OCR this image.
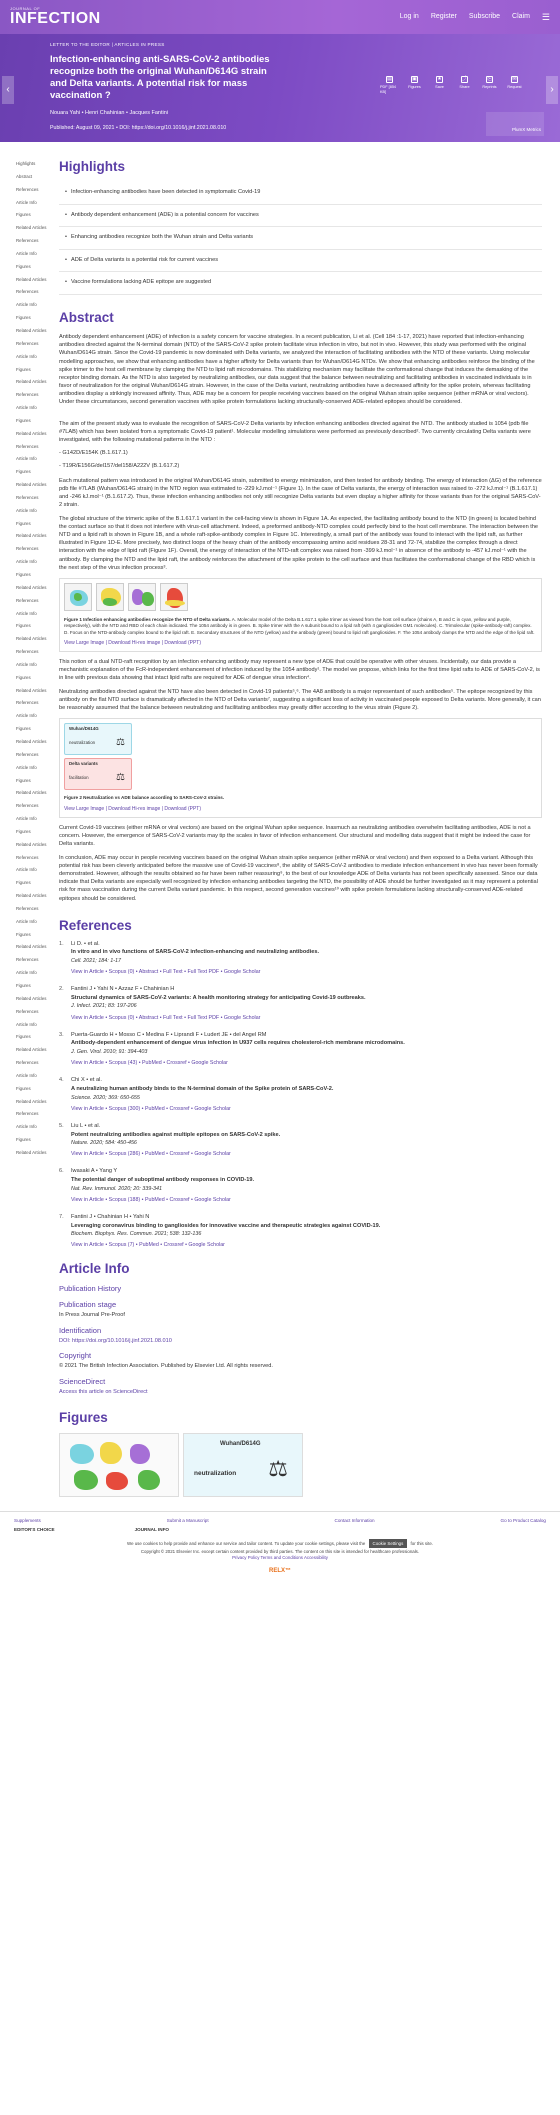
JOURNAL OF
INFECTION	Log in Register Subscribe Claim ☰
‹	›
LETTER TO THE EDITOR | ARTICLES IN PRESS
Infection-enhancing anti-SARS-CoV-2 antibodies recognize both the original Wuhan/D614G strain and Delta variants. A potential risk for mass vaccination ?
Nouara Yahi • Henri Chahinian • Jacques Fantini
Published: August 09, 2021 • DOI: https://doi.org/10.1016/j.jinf.2021.08.010
▤
PDF [854 KB]
▣
Figures
★
Save
⤴
Share
⎘
Reprints
✉
Request
PlumX Metrics
Highlights
Abstract
References
Article Info
Figures
Related Articles
References
Article Info
Figures
Related Articles
References
Article Info
Figures
Related Articles
References
Article Info
Figures
Related Articles
References
Article Info
Figures
Related Articles
References
Article Info
Figures
Related Articles
References
Article Info
Figures
Related Articles
References
Article Info
Figures
Related Articles
References
Article Info
Figures
Related Articles
References
Article Info
Figures
Related Articles
References
Article Info
Figures
Related Articles
References
Article Info
Figures
Related Articles
References
Article Info
Figures
Related Articles
References
Article Info
Figures
Related Articles
References
Article Info
Figures
Related Articles
References
Article Info
Figures
Related Articles
References
Article Info
Figures
Related Articles
References
Article Info
Figures
Related Articles
References
Article Info
Figures
Related Articles
Highlights
• Infection-enhancing antibodies have been detected in symptomatic Covid-19
• Antibody dependent enhancement (ADE) is a potential concern for vaccines
• Enhancing antibodies recognize both the Wuhan strain and Delta variants
• ADE of Delta variants is a potential risk for current vaccines
• Vaccine formulations lacking ADE epitope are suggested
Abstract

Antibody dependent enhancement (ADE) of infection is a safety concern for vaccine strategies. In a recent publication, Li et al. (Cell 184 :1-17, 2021) have reported that infection-enhancing antibodies directed against the N-terminal domain (NTD) of the SARS-CoV-2 spike protein facilitate virus infection in vitro, but not in vivo. However, this study was performed with the original Wuhan/D614G strain. Since the Covid-19 pandemic is now dominated with Delta variants, we analyzed the interaction of facilitating antibodies with the NTD of these variants. Using molecular modelling approaches, we show that enhancing antibodies have a higher affinity for Delta variants than for Wuhan/D614G NTDs. We show that enhancing antibodies reinforce the binding of the spike trimer to the host cell membrane by clamping the NTD to lipid raft microdomains. This stabilizing mechanism may facilitate the conformational change that induces the demasking of the receptor binding domain. As the NTD is also targeted by neutralizing antibodies, our data suggest that the balance between neutralizing and facilitating antibodies in vaccinated individuals is in favor of neutralization for the original Wuhan/D614G strain. However, in the case of the Delta variant, neutralizing antibodies have a decreased affinity for the spike protein, whereas facilitating antibodies display a strikingly increased affinity. Thus, ADE may be a concern for people receiving vaccines based on the original Wuhan strain spike sequence (either mRNA or viral vectors). Under these circumstances, second generation vaccines with spike protein formulations lacking structurally-conserved ADE-related epitopes should be considered.

The aim of the present study was to evaluate the recognition of SARS-CoV-2 Delta variants by infection enhancing antibodies directed against the NTD. The antibody studied is 1054 (pdb file #7LAB) which has been isolated from a symptomatic Covid-19 patient¹. Molecular modelling simulations were performed as previously described². Two currently circulating Delta variants were investigated, with the following mutational patterns in the NTD :

- G142D/E154K (B.1.617.1)
- T19R/E156G/del157/del158/A222V (B.1.617.2)

Each mutational pattern was introduced in the original Wuhan/D614G strain, submitted to energy minimization, and then tested for antibody binding. The energy of interaction (ΔG) of the reference pdb file #7LAB (Wuhan/D614G strain) in the NTD region was estimated to -229 kJ.mol⁻¹ (Figure 1). In the case of Delta variants, the energy of interaction was raised to -272 kJ.mol⁻¹ (B.1.617.1) and -246 kJ.mol⁻¹ (B.1.617.2). Thus, these infection enhancing antibodies not only still recognize Delta variants but even display a higher affinity for those variants than for the original SARS-CoV-2 strain.

The global structure of the trimeric spike of the B.1.617.1 variant in the cell-facing view is shown in Figure 1A. As expected, the facilitating antibody bound to the NTD (in green) is located behind the contact surface so that it does not interfere with virus-cell attachment. Indeed, a preformed antibody-NTD complex could perfectly bind to the host cell membrane. The interaction between the NTD and a lipid raft is shown in Figure 1B, and a whole raft-spike-antibody complex in Figure 1C. Interestingly, a small part of the antibody was found to interact with the lipid raft, as further illustrated in Figure 1D-E. More precisely, two distinct loops of the heavy chain of the antibody encompassing amino acid residues 28-31 and 72-74, stabilize the complex through a direct interaction with the edge of lipid raft (Figure 1F). Overall, the energy of interaction of the NTD-raft complex was raised from -399 kJ.mol⁻¹ in absence of the antibody to -457 kJ.mol⁻¹ with the antibody. By clamping the NTD and the lipid raft, the antibody reinforces the attachment of the spike protein to the cell surface and thus facilitates the conformational change of the RBD which is the next step of the virus infection process³.

Figure 1 Infection enhancing antibodies recognize the NTD of Delta variants. A. Molecular model of the Delta B.1.617.1 spike trimer as viewed from the host cell surface (chains A, B and C in cyan, yellow and purple, respectively), with the NTD and RBD of each chain indicated. The 1054 antibody is in green. B. Spike trimer with the A subunit bound to a lipid raft (with 4 gangliosides GM1 molecules). C. Trimolecular (spike-antibody-raft) complex. D. Focus on the NTD-antibody complex bound to the lipid raft. E. Secondary structures of the NTD (yellow) and the antibody (green) bound to lipid raft gangliosides. F. The 1054 antibody clamps the NTD and the edge of the lipid raft.

View Large Image | Download Hi-res image | Download (PPT)

This notion of a dual NTD-raft recognition by an infection enhancing antibody may represent a new type of ADE that could be operative with other viruses. Incidentally, our data provide a mechanistic explanation of the FcR-independent enhancement of infection induced by the 1054 antibody¹. The model we propose, which links for the first time lipid rafts to ADE of SARS-CoV-2, is in line with previous data showing that intact lipid rafts are required for ADE of dengue virus infection⁴.

Neutralizing antibodies directed against the NTD have also been detected in Covid-19 patients⁵,⁶. The 4A8 antibody is a major representant of such antibodies⁵. The epitope recognized by this antibody on the flat NTD surface is dramatically affected in the NTD of Delta variants⁷, suggesting a significant loss of activity in vaccinated people exposed to Delta variants. More generally, it can be reasonably assumed that the balance between neutralizing and facilitating antibodies may greatly differ according to the virus strain (Figure 2).

Wuhan/D614G
neutralization	⚖
Delta variants
facilitation	⚖

Figure 2 Neutralization vs ADE balance according to SARS-CoV-2 strains.

View Large Image | Download Hi-res image | Download (PPT)

Current Covid-19 vaccines (either mRNA or viral vectors) are based on the original Wuhan spike sequence. Inasmuch as neutralizing antibodies overwhelm facilitating antibodies, ADE is not a concern. However, the emergence of SARS-CoV-2 variants may tip the scales in favor of infection enhancement. Our structural and modelling data suggest that it might be indeed the case for Delta variants.

In conclusion, ADE may occur in people receiving vaccines based on the original Wuhan strain spike sequence (either mRNA or viral vectors) and then exposed to a Delta variant. Although this potential risk has been cleverly anticipated before the massive use of Covid-19 vaccines⁸, the ability of SARS-CoV-2 antibodies to mediate infection enhancement in vivo has never been formally demonstrated. However, although the results obtained so far have been rather reassuring⁹, to the best of our knowledge ADE of Delta variants has not been specifically assessed. Since our data indicate that Delta variants are especially well recognized by infection enhancing antibodies targeting the NTD, the possibility of ADE should be further investigated as it may represent a potential risk for mass vaccination during the current Delta variant pandemic. In this respect, second generation vaccines¹⁰ with spike protein formulations lacking structurally-conserved ADE-related epitopes should be considered.

References
1.	Li D. • et al.
In vitro and in vivo functions of SARS-CoV-2 infection-enhancing and neutralizing antibodies.
Cell. 2021; 184: 1-17
View in Article • Scopus (0) • Abstract • Full Text • Full Text PDF • Google Scholar
2.	Fantini J • Yahi N • Azzaz F • Chahinian H
Structural dynamics of SARS-CoV-2 variants: A health monitoring strategy for anticipating Covid-19 outbreaks.
J. Infect. 2021; 83: 197-206
View in Article • Scopus (0) • Abstract • Full Text • Full Text PDF • Google Scholar
3.	Puerta-Guardo H • Mosso C • Medina F • Liprandi F • Ludert JE • del Angel RM
Antibody-dependent enhancement of dengue virus infection in U937 cells requires cholesterol-rich membrane microdomains.
J. Gen. Virol. 2010; 91: 394-403
View in Article • Scopus (43) • PubMed • Crossref • Google Scholar
4.	Chi X • et al.
A neutralizing human antibody binds to the N-terminal domain of the Spike protein of SARS-CoV-2.
Science. 2020; 369: 650-655
View in Article • Scopus (300) • PubMed • Crossref • Google Scholar
5.	Liu L • et al.
Potent neutralizing antibodies against multiple epitopes on SARS-CoV-2 spike.
Nature. 2020; 584: 450-456
View in Article • Scopus (286) • PubMed • Crossref • Google Scholar
6.	Iwasaki A • Yang Y
The potential danger of suboptimal antibody responses in COVID-19.
Nat. Rev. Immunol. 2020; 20: 339-341
View in Article • Scopus (188) • PubMed • Crossref • Google Scholar
7.	Fantini J • Chahinian H • Yahi N
Leveraging coronavirus binding to gangliosides for innovative vaccine and therapeutic strategies against COVID-19.
Biochem. Biophys. Res. Commun. 2021; 538: 132-136
View in Article • Scopus (7) • PubMed • Crossref • Google Scholar
Article Info
Publication History
Publication stage
In Press Journal Pre-Proof
Identification
DOI: https://doi.org/10.1016/j.jinf.2021.08.010
Copyright
© 2021 The British Infection Association. Published by Elsevier Ltd. All rights reserved.
ScienceDirect
Access this article on ScienceDirect
Figures
Wuhan/D614G
neutralization ⚖
Supplements	Submit a Manuscript	Contact Information	Go to Product Catalog
EDITOR'S CHOICE	JOURNAL INFO
We use cookies to help provide and enhance our service and tailor content. To update your cookie settings, please visit the Cookie Settings for this site.
Copyright © 2021 Elsevier Inc. except certain content provided by third parties. The content on this site is intended for healthcare professionals.
Privacy Policy Terms and Conditions Accessibility
RELX™
